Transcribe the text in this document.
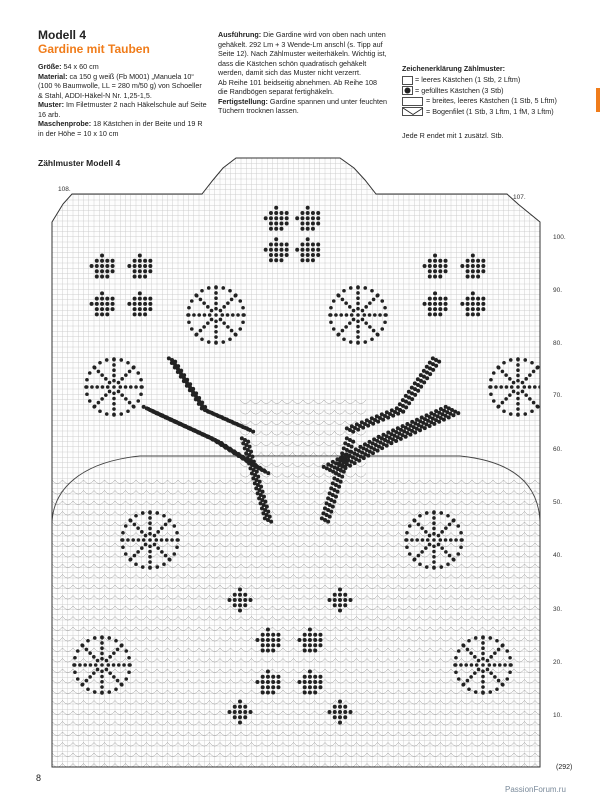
Modell 4
Gardine mit Tauben

Größe: 54 x 60 cm

Material: ca 150 g weiß (Fb M001) „Manuela 10“ (100 % Baumwolle, LL = 280 m/50 g) von Schoeller & Stahl, ADDI-Häkel-N Nr. 1,25-1,5.

Muster: Im Filetmuster 2 nach Häkelschule auf Seite 16 arb.

Maschenprobe: 18 Kästchen in der Beite und 19 R in der Höhe = 10 x 10 cm

Ausführung: Die Gardine wird von oben nach unten gehäkelt. 292 Lm + 3 Wende-Lm anschl (s. Tipp auf Seite 12). Nach Zählmuster weiterhäkeln. Wichtig ist, dass die Kästchen schön quadratisch gehäkelt werden, damit sich das Muster nicht verzerrt.

Ab Reihe 101 beidseitig abnehmen. Ab Reihe 108 die Randbögen separat fertighäkeln.

Fertigstellung: Gardine spannen und unter feuchten Tüchern trocknen lassen.

Zeichenerklärung Zählmuster:
= leeres Kästchen (1 Stb, 2 Lftm)
= gefülltes Kästchen (3 Stb)
= breites, leeres Kästchen (1 Stb, 5 Lftm)
= Bogenfilet (1 Stb, 3 Lftm, 1 fM, 3 Lftm)
Jede R endet mit 1 zusätzl. Stb.
Zählmuster Modell 4
108.
107.
100.
90.
80.
70.
60.
50.
40.
30.
20.
10.
(292)
8
PassionForum.ru
